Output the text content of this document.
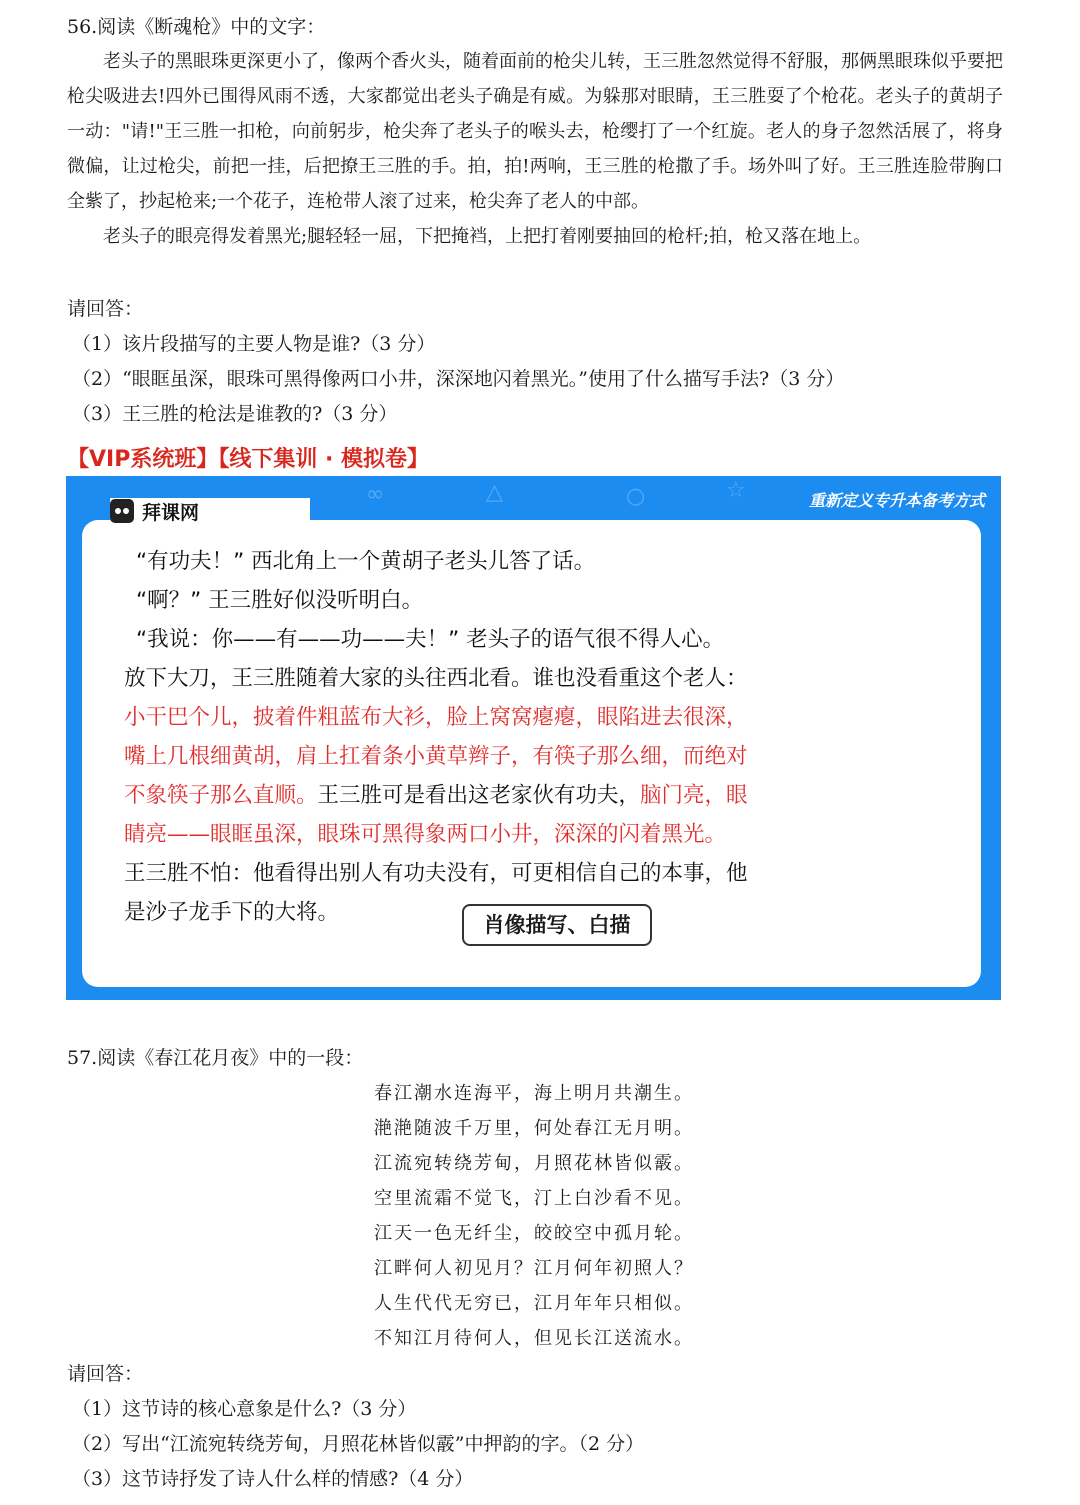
56.阅读《断魂枪》中的文字：

老头子的黑眼珠更深更小了，像两个香火头，随着面前的枪尖儿转，王三胜忽然觉得不舒服，那俩黑眼珠似乎要把枪尖吸进去!四外已围得风雨不透，大家都觉出老头子确是有威。为躲那对眼睛，王三胜耍了个枪花。老头子的黄胡子一动："请!"王三胜一扣枪，向前躬步，枪尖奔了老头子的喉头去，枪缨打了一个红旋。老人的身子忽然活展了，将身微偏，让过枪尖，前把一挂，后把撩王三胜的手。拍，拍!两响，王三胜的枪撒了手。场外叫了好。王三胜连脸带胸口全紫了，抄起枪来;一个花子，连枪带人滚了过来，枪尖奔了老人的中部。

老头子的眼亮得发着黑光;腿轻轻一屈，下把掩裆，上把打着刚要抽回的枪杆;拍，枪又落在地上。

请回答：
（1）该片段描写的主要人物是谁?（3 分）
（2）“眼眶虽深，眼珠可黑得像两口小井，深深地闪着黑光。”使用了什么描写手法?（3 分）
（3）王三胜的枪法是谁教的?（3 分）
【VIP系统班】【线下集训 · 模拟卷】
∞	△	○	☆	重新定义专升本备考方式
拜课网
“有功夫！” 西北角上一个黄胡子老头儿答了话。
“啊？” 王三胜好似没听明白。
“我说：你——有——功——夫！” 老头子的语气很不得人心。
放下大刀，王三胜随着大家的头往西北看。谁也没看重这个老人：
小干巴个儿，披着件粗蓝布大衫，脸上窝窝瘪瘪，眼陷进去很深，
嘴上几根细黄胡，肩上扛着条小黄草辫子，有筷子那么细，而绝对
不象筷子那么直顺。王三胜可是看出这老家伙有功夫，脑门亮，眼
睛亮——眼眶虽深，眼珠可黑得象两口小井，深深的闪着黑光。
王三胜不怕：他看得出别人有功夫没有，可更相信自己的本事，他
是沙子龙手下的大将。	肖像描写、白描
57.阅读《春江花月夜》中的一段：
春江潮水连海平，海上明月共潮生。
滟滟随波千万里，何处春江无月明。
江流宛转绕芳甸，月照花林皆似霰。
空里流霜不觉飞，汀上白沙看不见。
江天一色无纤尘，皎皎空中孤月轮。
江畔何人初见月？江月何年初照人？
人生代代无穷已，江月年年只相似。
不知江月待何人，但见长江送流水。
请回答：
（1）这节诗的核心意象是什么?（3 分）
（2）写出“江流宛转绕芳甸，月照花林皆似霰”中押韵的字。（2 分）
（3）这节诗抒发了诗人什么样的情感?（4 分）
